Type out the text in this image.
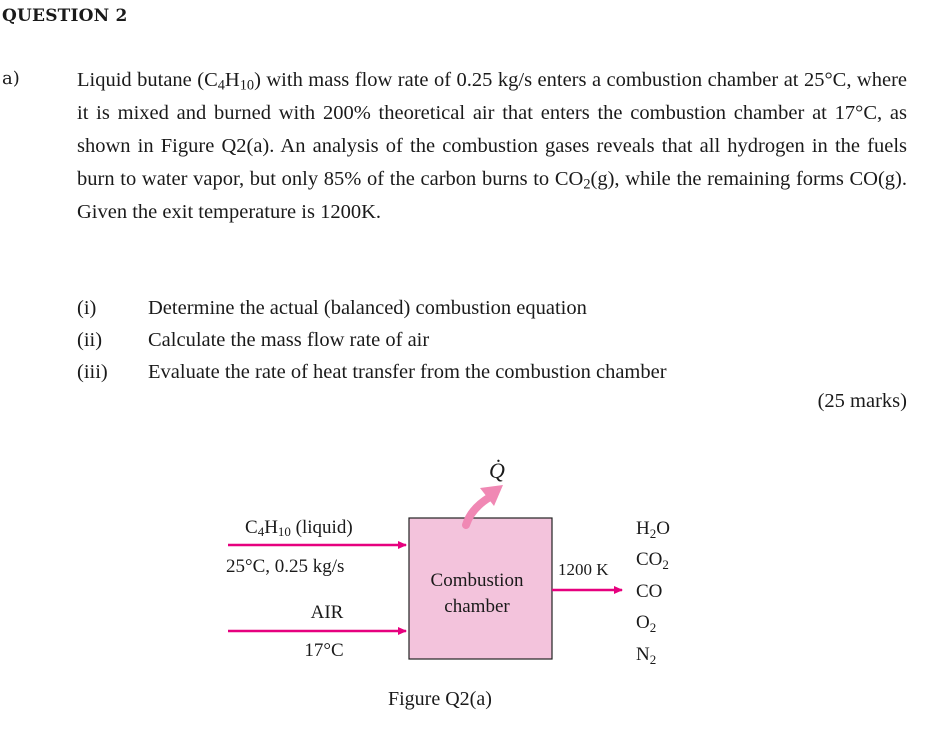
QUESTION 2
a)	Liquid butane $(C_4H_{10})$ with mass flow rate of 0.25 kg/s enters a combustion chamber at 25°C, where it is mixed and burned with 200% theoretical air that enters the combustion chamber at 17°C, as shown in Figure Q2(a). An analysis of the combustion gases reveals that all hydrogen in the fuels burn to water vapor, but only 85% of the carbon burns to $CO_2(g)$, while the remaining forms CO(g). Given the exit temperature is 1200K.
(i)	Determine the actual (balanced) combustion equation
(ii) Calculate the mass flow rate of air
(iii) Evaluate the rate of heat transfer from the combustion chamber
(25 marks)
Q̇
C4H10 (liquid)
25°C, 0.25 kg/s
AIR
17°C
Combustion
chamber
1200 K
$H_2O$
$CO_2$
CO
$O_2$
$N_2$
Figure Q2(a)
